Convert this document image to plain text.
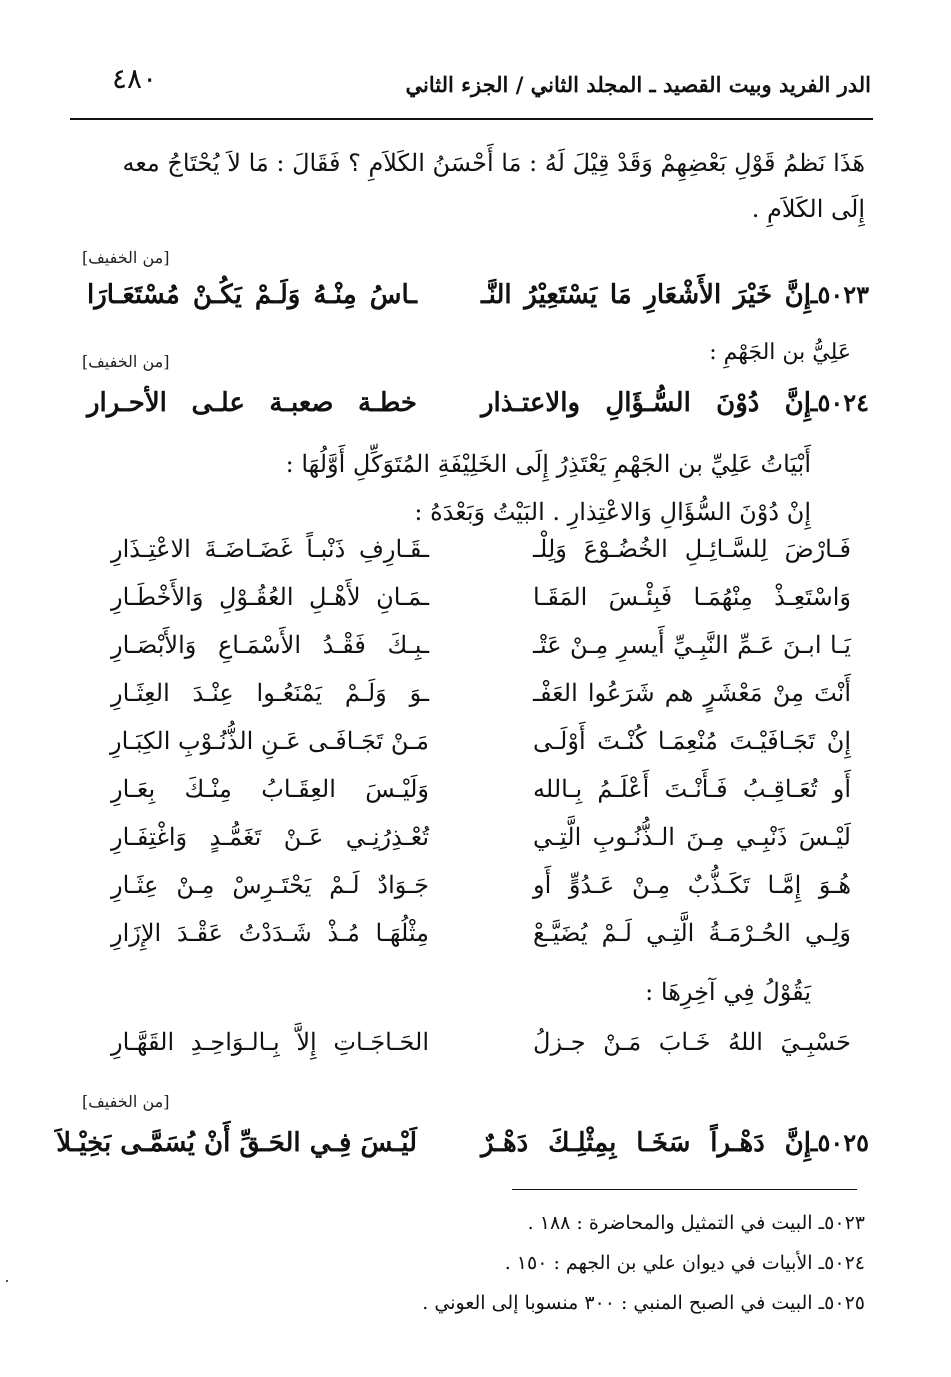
٤٨٠	الدر الفريد وبيت القصيد ـ المجلد الثاني / الجزء الثاني
هَذَا نَظمُ قَوْلِ بَعْضِهِمْ وَقَدْ قِيْلَ لَهُ : مَا أَحْسَنُ الكَلاَمِ ؟ فَقَالَ : مَا لاَ يُحْتَاجُ معه
إِلَى الكَلاَمِ .
[من الخفيف]
٥٠٢٣ـ
إِنَّ خَيْرَ الأَشْعَارِ مَا يَسْتَعِيْرُ النَّـ
ـاسُ مِنْـهُ وَلَـمْ يَكُـنْ مُسْتَعَـارَا
عَلِيُّ بن الجَهْمِ :
[من الخفيف]
٥٠٢٤ـ
إِنَّ دُوْنَ السُّـؤَالِ والاعتـذار
خطـة صعبـة علـى الأحـرار
أَبْيَاتُ عَلِيِّ بن الجَهْمِ يَعْتَذِرُ إِلَى الخَلِيْفَةِ المُتَوَكِّلِ أَوَّلُهَا :
إِنْ دُوْنَ السُّؤَالِ وَالاعْتِذارِ . البَيْتُ وَبَعْدَهُ :
فَـارْضَ لِلسَّـائِـلِ الخُضُـوْعَ وَلِلْـ
ـقَـارِفِ ذَنْبـاً غَضَـاضَـةَ الاعْتِـذَارِ
وَاسْتَعِـذْ مِنْهُمَـا فَبِئْـسَ المَقَـا
ـمَـانِ لأَهْـلِ العُقُـوْلِ وَالأَخْطَـارِ
يَـا ابـنَ عَـمِّ النَّبِـيِّ أَيسرِ مِـنْ عَتْـ
ـبِـكَ فَقْـدُ الأَسْمَـاعِ وَالأَبْصَـارِ
أَنْتَ مِنْ مَعْشَرٍ هم شَرَعُوا العَفْـ
ـوَ وَلَـمْ يَمْنَعُـوا عِنْـدَ العِثَـارِ
إِنْ تَجَـافَيْـتَ مُنْعِمَـا كُنْـتَ أَوْلَـى
مَـنْ تَجَـافَـى عَـنِ الذُّنُـوْبِ الكِبَـارِ
أَو تُعَـاقِـبُ فَـأَنْـتَ أَعْلَـمُ بِـالله
وَلَيْـسَ العِقَـابُ مِنْـكَ بِعَـارِ
لَيْـسَ ذَنْبِـي مِـنَ الـذُّنُـوبِ الَّتِـي
تُعْـذِرُنِـي عَـنْ تَغَمُّـدٍ وَاغْتِفَـارِ
هُـوَ إِمَّـا تَكَـذُّبٌ مِـنْ عَـدُوٍّ أَو
جَـوَادٌ لَـمْ يَحْتَـرِسْ مِـنْ عِثَـارِ
وَلِـي الحُـرْمَـةُ الَّتِـي لَـمْ يُضَيَّـعْ
مِثْلُهَـا مُـذْ شَـدَدْتُ عَقْـدَ الإِزَارِ
يَقُوْلُ فِي آخِرِهَا :
حَسْبِـيَ اللهُ خَـابَ مَـنْ جـزلُ
الحَـاجَـاتِ إِلاَّ بِـالـوَاحِـدِ القَهَّـارِ
[من الخفيف]
٥٠٢٥ـ
إِنَّ دَهْـراً سَخَـا بِمِثْلِـكَ دَهْـرٌ
لَيْـسَ فِـي الحَـقِّ أَنْ يُسَمَّـى بَخِيْـلاَ
٥٠٢٣ـ البيت في التمثيل والمحاضرة : ١٨٨ .
٥٠٢٤ـ الأبيات في ديوان علي بن الجهم : ١٥٠ .
٥٠٢٥ـ البيت في الصبح المنبي : ٣٠٠ منسوبا إلى العوني .
